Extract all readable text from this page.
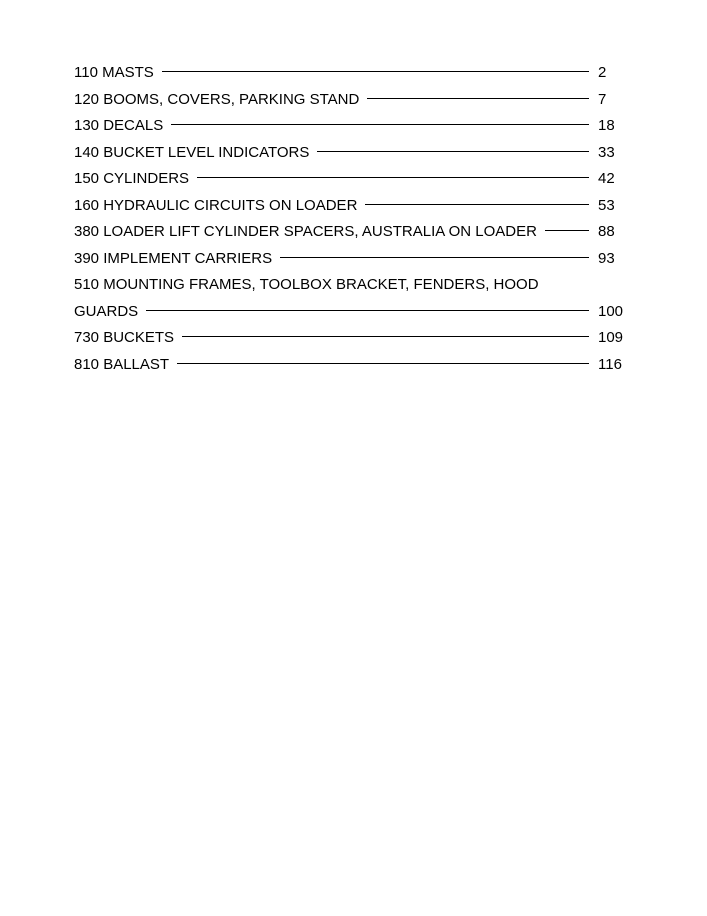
110 MASTS	2
120 BOOMS, COVERS, PARKING STAND	7
130 DECALS	18
140 BUCKET LEVEL INDICATORS	33
150 CYLINDERS	42
160 HYDRAULIC CIRCUITS ON LOADER	53
380 LOADER LIFT CYLINDER SPACERS, AUSTRALIA ON LOADER	88
390 IMPLEMENT CARRIERS	93
510 MOUNTING FRAMES, TOOLBOX BRACKET, FENDERS, HOOD
GUARDS	100
730 BUCKETS	109
810 BALLAST	116
